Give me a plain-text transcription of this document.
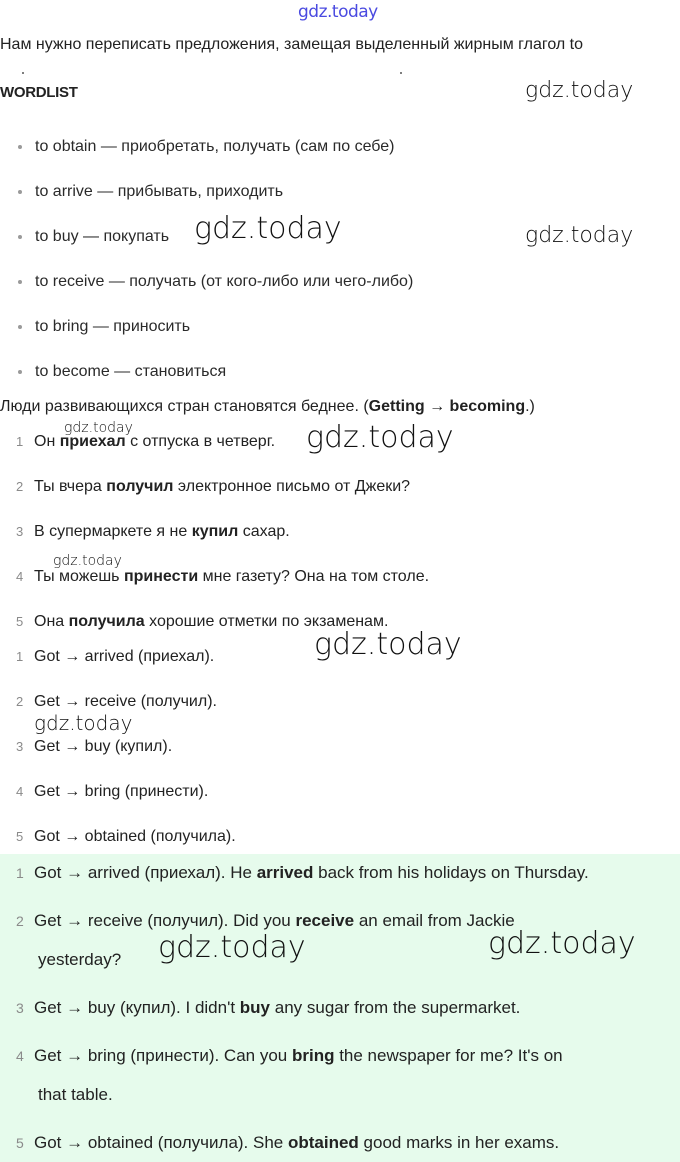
gdz.today
Нам нужно переписать предложения, замещая выделенный жирным глагол to
WORDLIST
to obtain — приобретать, получать (сам по себе)
to arrive — прибывать, приходить
to buy — покупать
to receive — получать (от кого-либо или чего-либо)
to bring — приносить
to become — становиться
Люди развивающихся стран становятся беднее. (Getting → becoming.)
1 Он приехал с отпуска в четверг.
2 Ты вчера получил электронное письмо от Джеки?
3 В супермаркете я не купил сахар.
4 Ты можешь принести мне газету? Она на том столе.
5 Она получила хорошие отметки по экзаменам.
1 Got → arrived (приехал).
2 Get → receive (получил).
3 Get → buy (купил).
4 Get → bring (принести).
5 Got → obtained (получила).
1 Got → arrived (приехал). He arrived back from his holidays on Thursday.
2 Get → receive (получил). Did you receive an email from Jackie
yesterday?
3 Get → buy (купил). I didn't buy any sugar from the supermarket.
4 Get → bring (принести). Can you bring the newspaper for me? It's on
that table.
5 Got → obtained (получила). She obtained good marks in her exams.
gdz.today
gdz.today	gdz.today
gdz.today	gdz.today
gdz.today
gdz.today
gdz.today
gdz.today	gdz.today
